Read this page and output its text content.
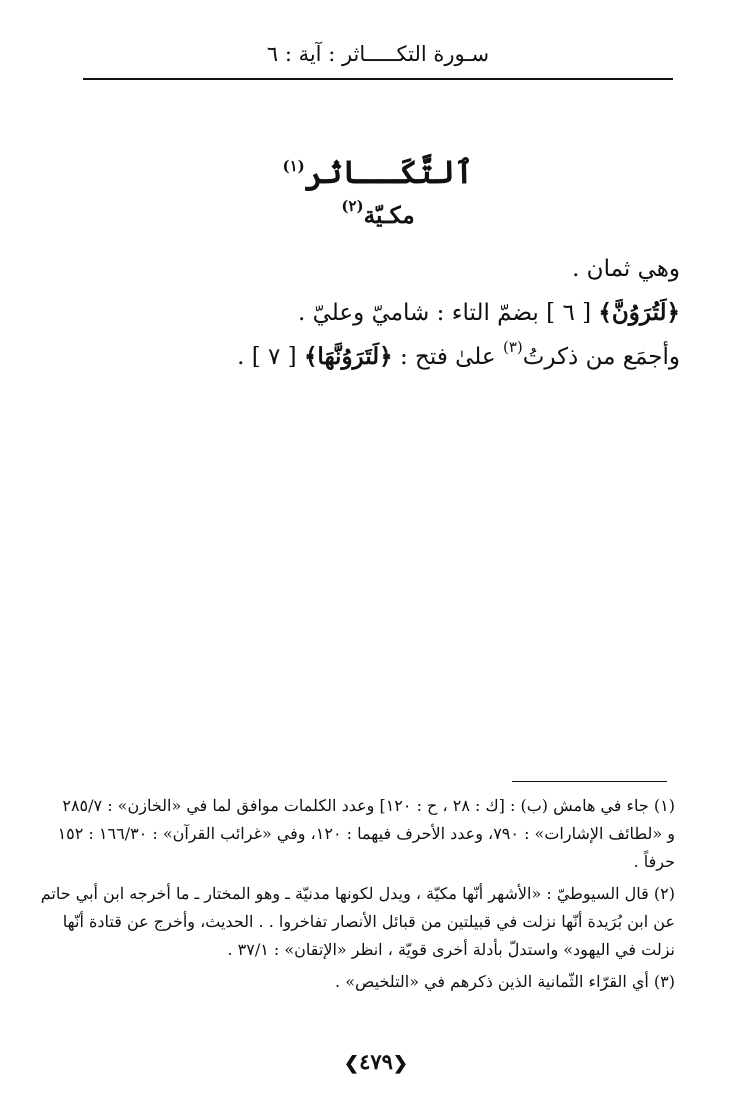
سـورة التكـــــاثر : آية : ٦
ٱلتَّكَــاثر$^{(١)}$
مكـيّة$^{(٢)}$
وهي ثمان .
﴿لَتُرَوُنَّ﴾ [ ٦ ] بضمّ التاء : شاميّ وعليّ .
وأجمَع من ذكرتُ$^{(٣)}$ علىٰ فتح : ﴿لَتَرَوُنَّهَا﴾ [ ٧ ] .
(١) جاء في هامش (ب) : [ك : ٢٨ ، ح : ١٢٠] وعدد الكلمات موافق لما في «الخازن» : ٢٨٥/٧
و «لطائف الإشارات» : ٧٩٠، وعدد الأحرف فيهما : ١٢٠، وفي «غرائب القرآن» : ١٦٦/٣٠ : ١٥٢
حرفاً .
(٢) قال السيوطيّ : «الأشهر أنّها مكيّة ، ويدل لكونها مدنيّة ـ وهو المختار ـ ما أخرجه ابن أبي حاتم
عن ابن بُرَيدة أنّها نزلت في قبيلتين من قبائل الأنصار تفاخروا . . الحديث، وأخرج عن قتادة أنّها
نزلت في اليهود» واستدلّ بأدلة أخرى قويّة ، انظر «الإتقان» : ٣٧/١ .
(٣) أي القرّاء الثّمانية الذين ذكرهم في «التلخيص» .
❮٤٧٩❯
